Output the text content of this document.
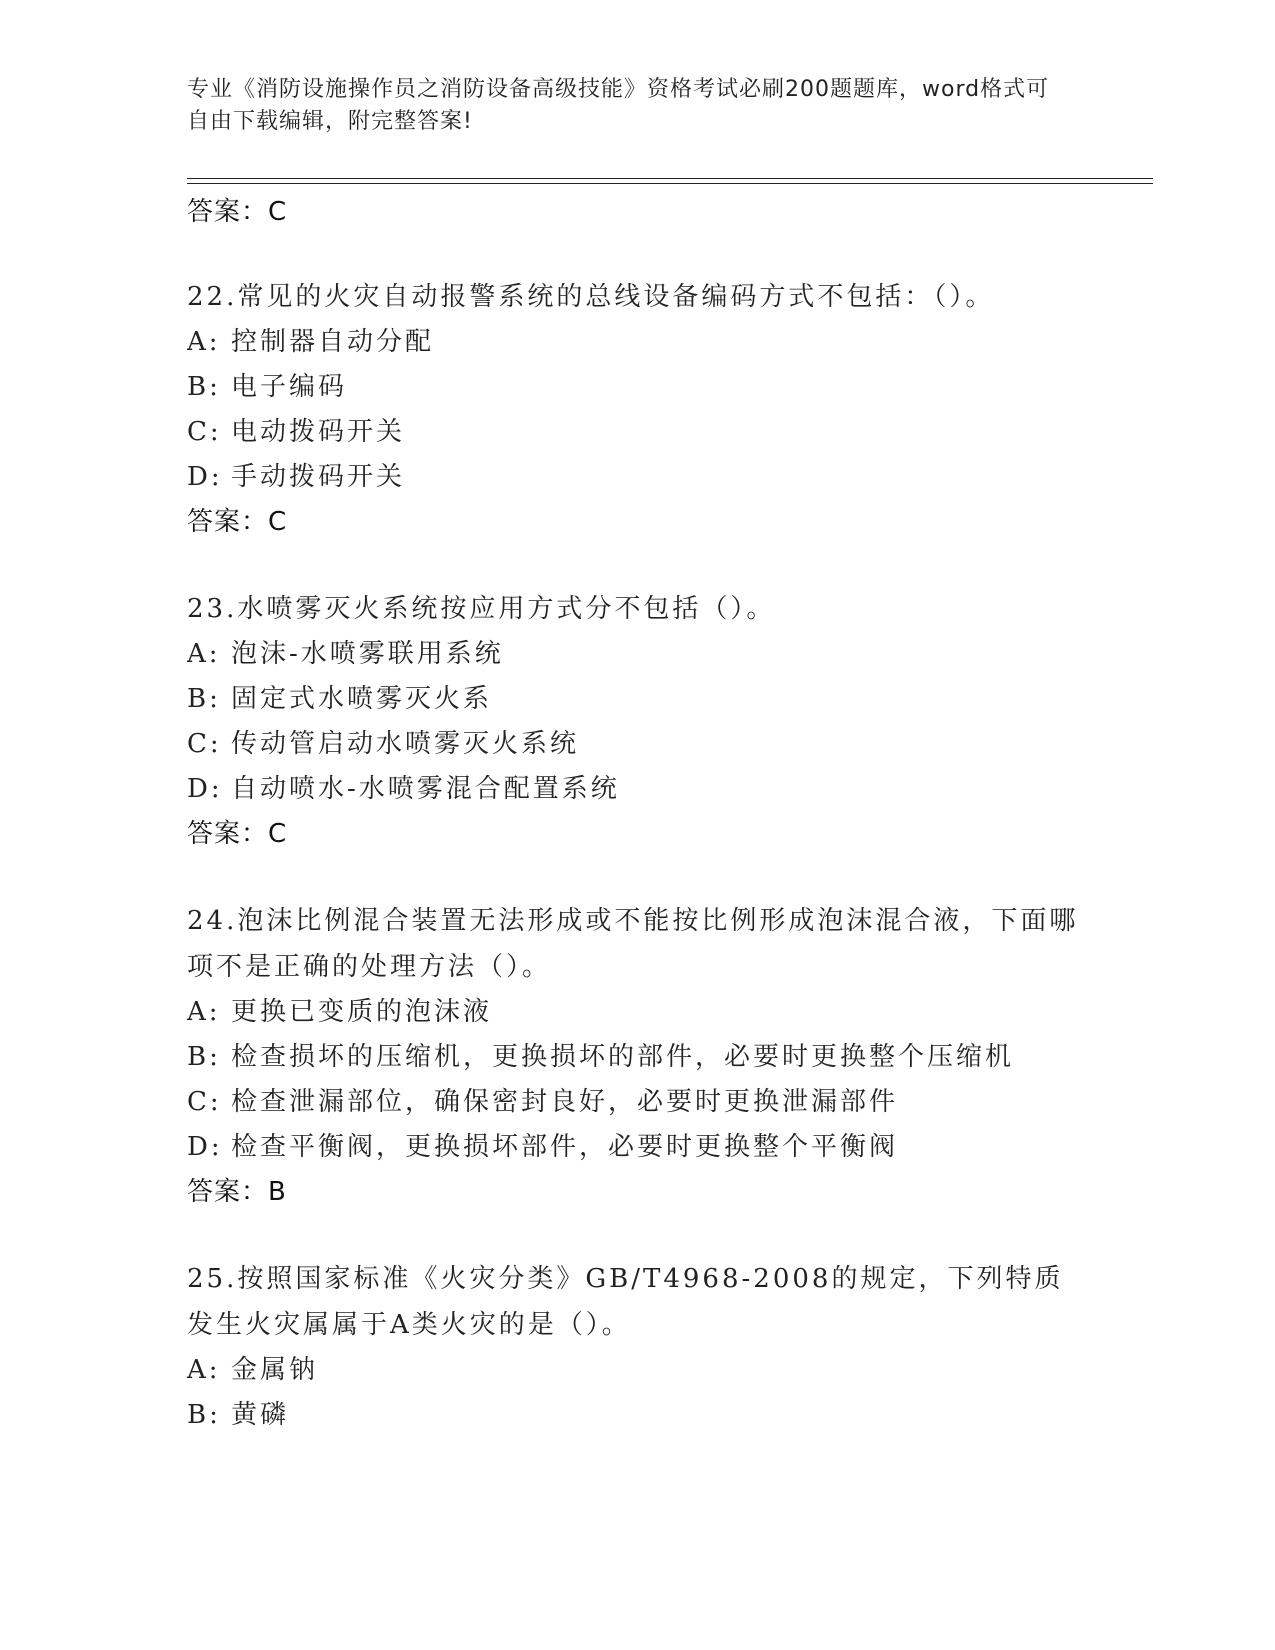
专业《消防设施操作员之消防设备高级技能》资格考试必刷200题题库，word格式可自由下载编辑，附完整答案!

答案：C

22.常见的火灾自动报警系统的总线设备编码方式不包括：（）。

A: 控制器自动分配

B: 电子编码

C: 电动拨码开关

D: 手动拨码开关

答案：C

23.水喷雾灭火系统按应用方式分不包括（）。

A: 泡沫-水喷雾联用系统

B: 固定式水喷雾灭火系

C: 传动管启动水喷雾灭火系统

D: 自动喷水-水喷雾混合配置系统

答案：C

24.泡沫比例混合装置无法形成或不能按比例形成泡沫混合液，下面哪项不是正确的处理方法（）。

A: 更换已变质的泡沫液

B: 检查损坏的压缩机，更换损坏的部件，必要时更换整个压缩机

C: 检查泄漏部位，确保密封良好，必要时更换泄漏部件

D: 检查平衡阀，更换损坏部件，必要时更换整个平衡阀

答案：B

25.按照国家标准《火灾分类》GB/T4968-2008的规定，下列特质发生火灾属属于A类火灾的是（）。

A: 金属钠

B: 黄磷
